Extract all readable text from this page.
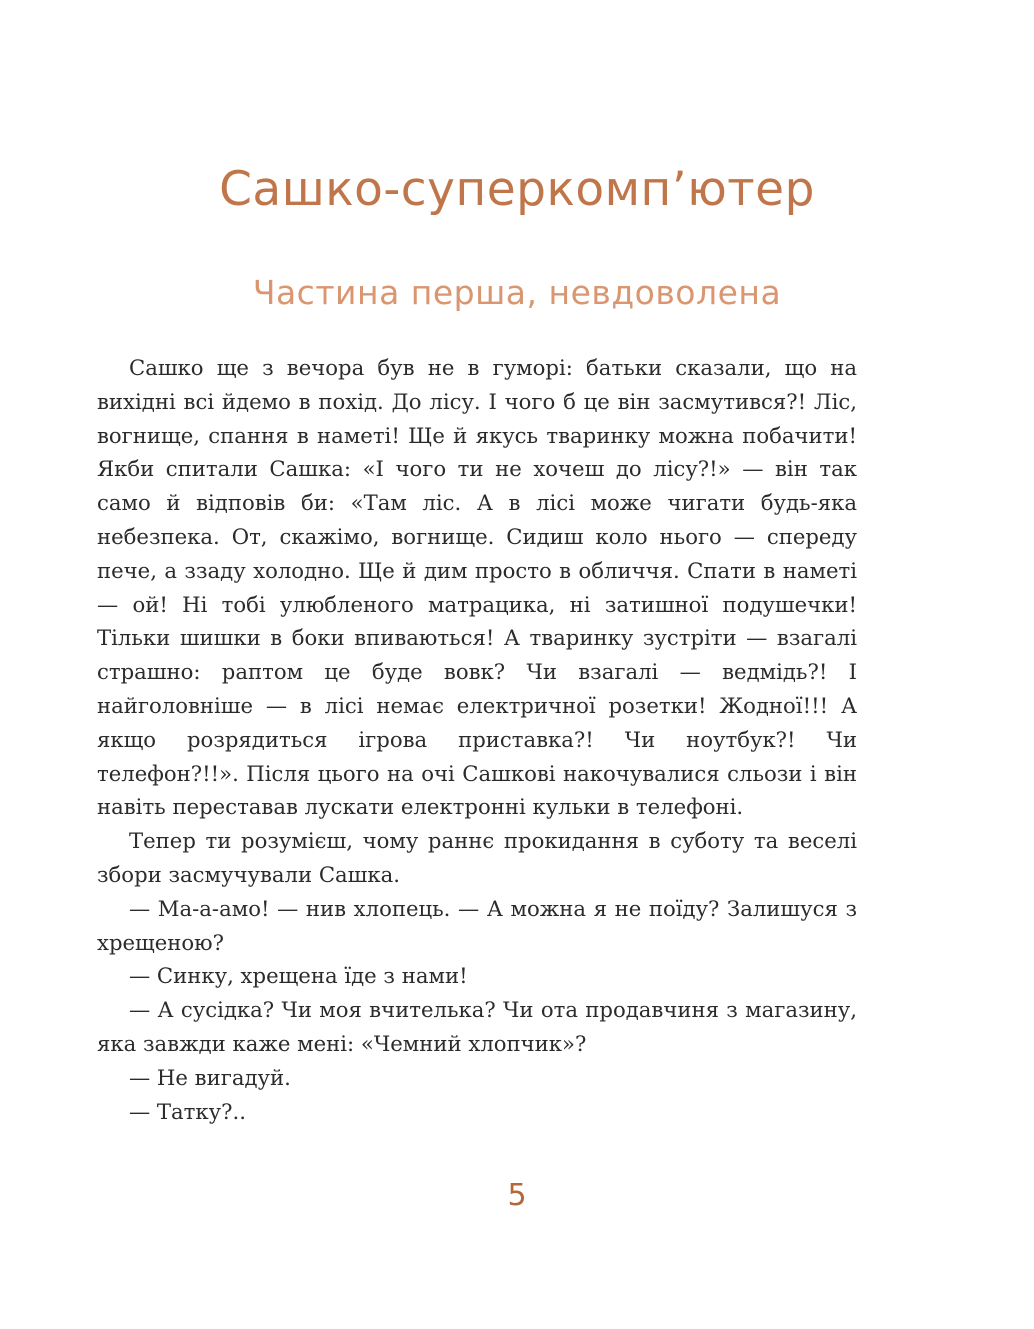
Сашко-суперкомп’ютер
Частина перша, невдоволена

Сашко ще з вечора був не в гуморі: батьки сказали, що на вихідні всі йдемо в похід. До лісу. І чого б це він засмутився?! Ліс, вогнище, спання в наметі! Ще й якусь тваринку можна побачити! Якби спитали Сашка: «І чого ти не хочеш до лісу?!» — він так само й відповів би: «Там ліс. А в лісі може чигати будь-яка небезпека. От, скажімо, вогнище. Сидиш коло нього — спереду пече, а ззаду холодно. Ще й дим просто в обличчя. Спати в наметі — ой! Ні тобі улюбленого матрацика, ні затишної подушечки! Тільки шишки в боки впиваються! А тваринку зустріти — взагалі страшно: раптом це буде вовк? Чи взагалі — ведмідь?! І найголовніше — в лісі немає електричної розетки! Жодної!!! А якщо розрядиться ігрова приставка?! Чи ноутбук?! Чи телефон?!!». Після цього на очі Сашкові накочувалися сльози і він навіть переставав лускати електронні кульки в телефоні.

Тепер ти розумієш, чому раннє прокидання в суботу та веселі збори засмучували Сашка.

— Ма-а-амо! — нив хлопець. — А можна я не поїду? Залишуся з хрещеною?

— Синку, хрещена їде з нами!

— А сусідка? Чи моя вчителька? Чи ота продавчиня з магазину, яка завжди каже мені: «Чемний хлопчик»?

— Не вигадуй.

— Татку?..

5
